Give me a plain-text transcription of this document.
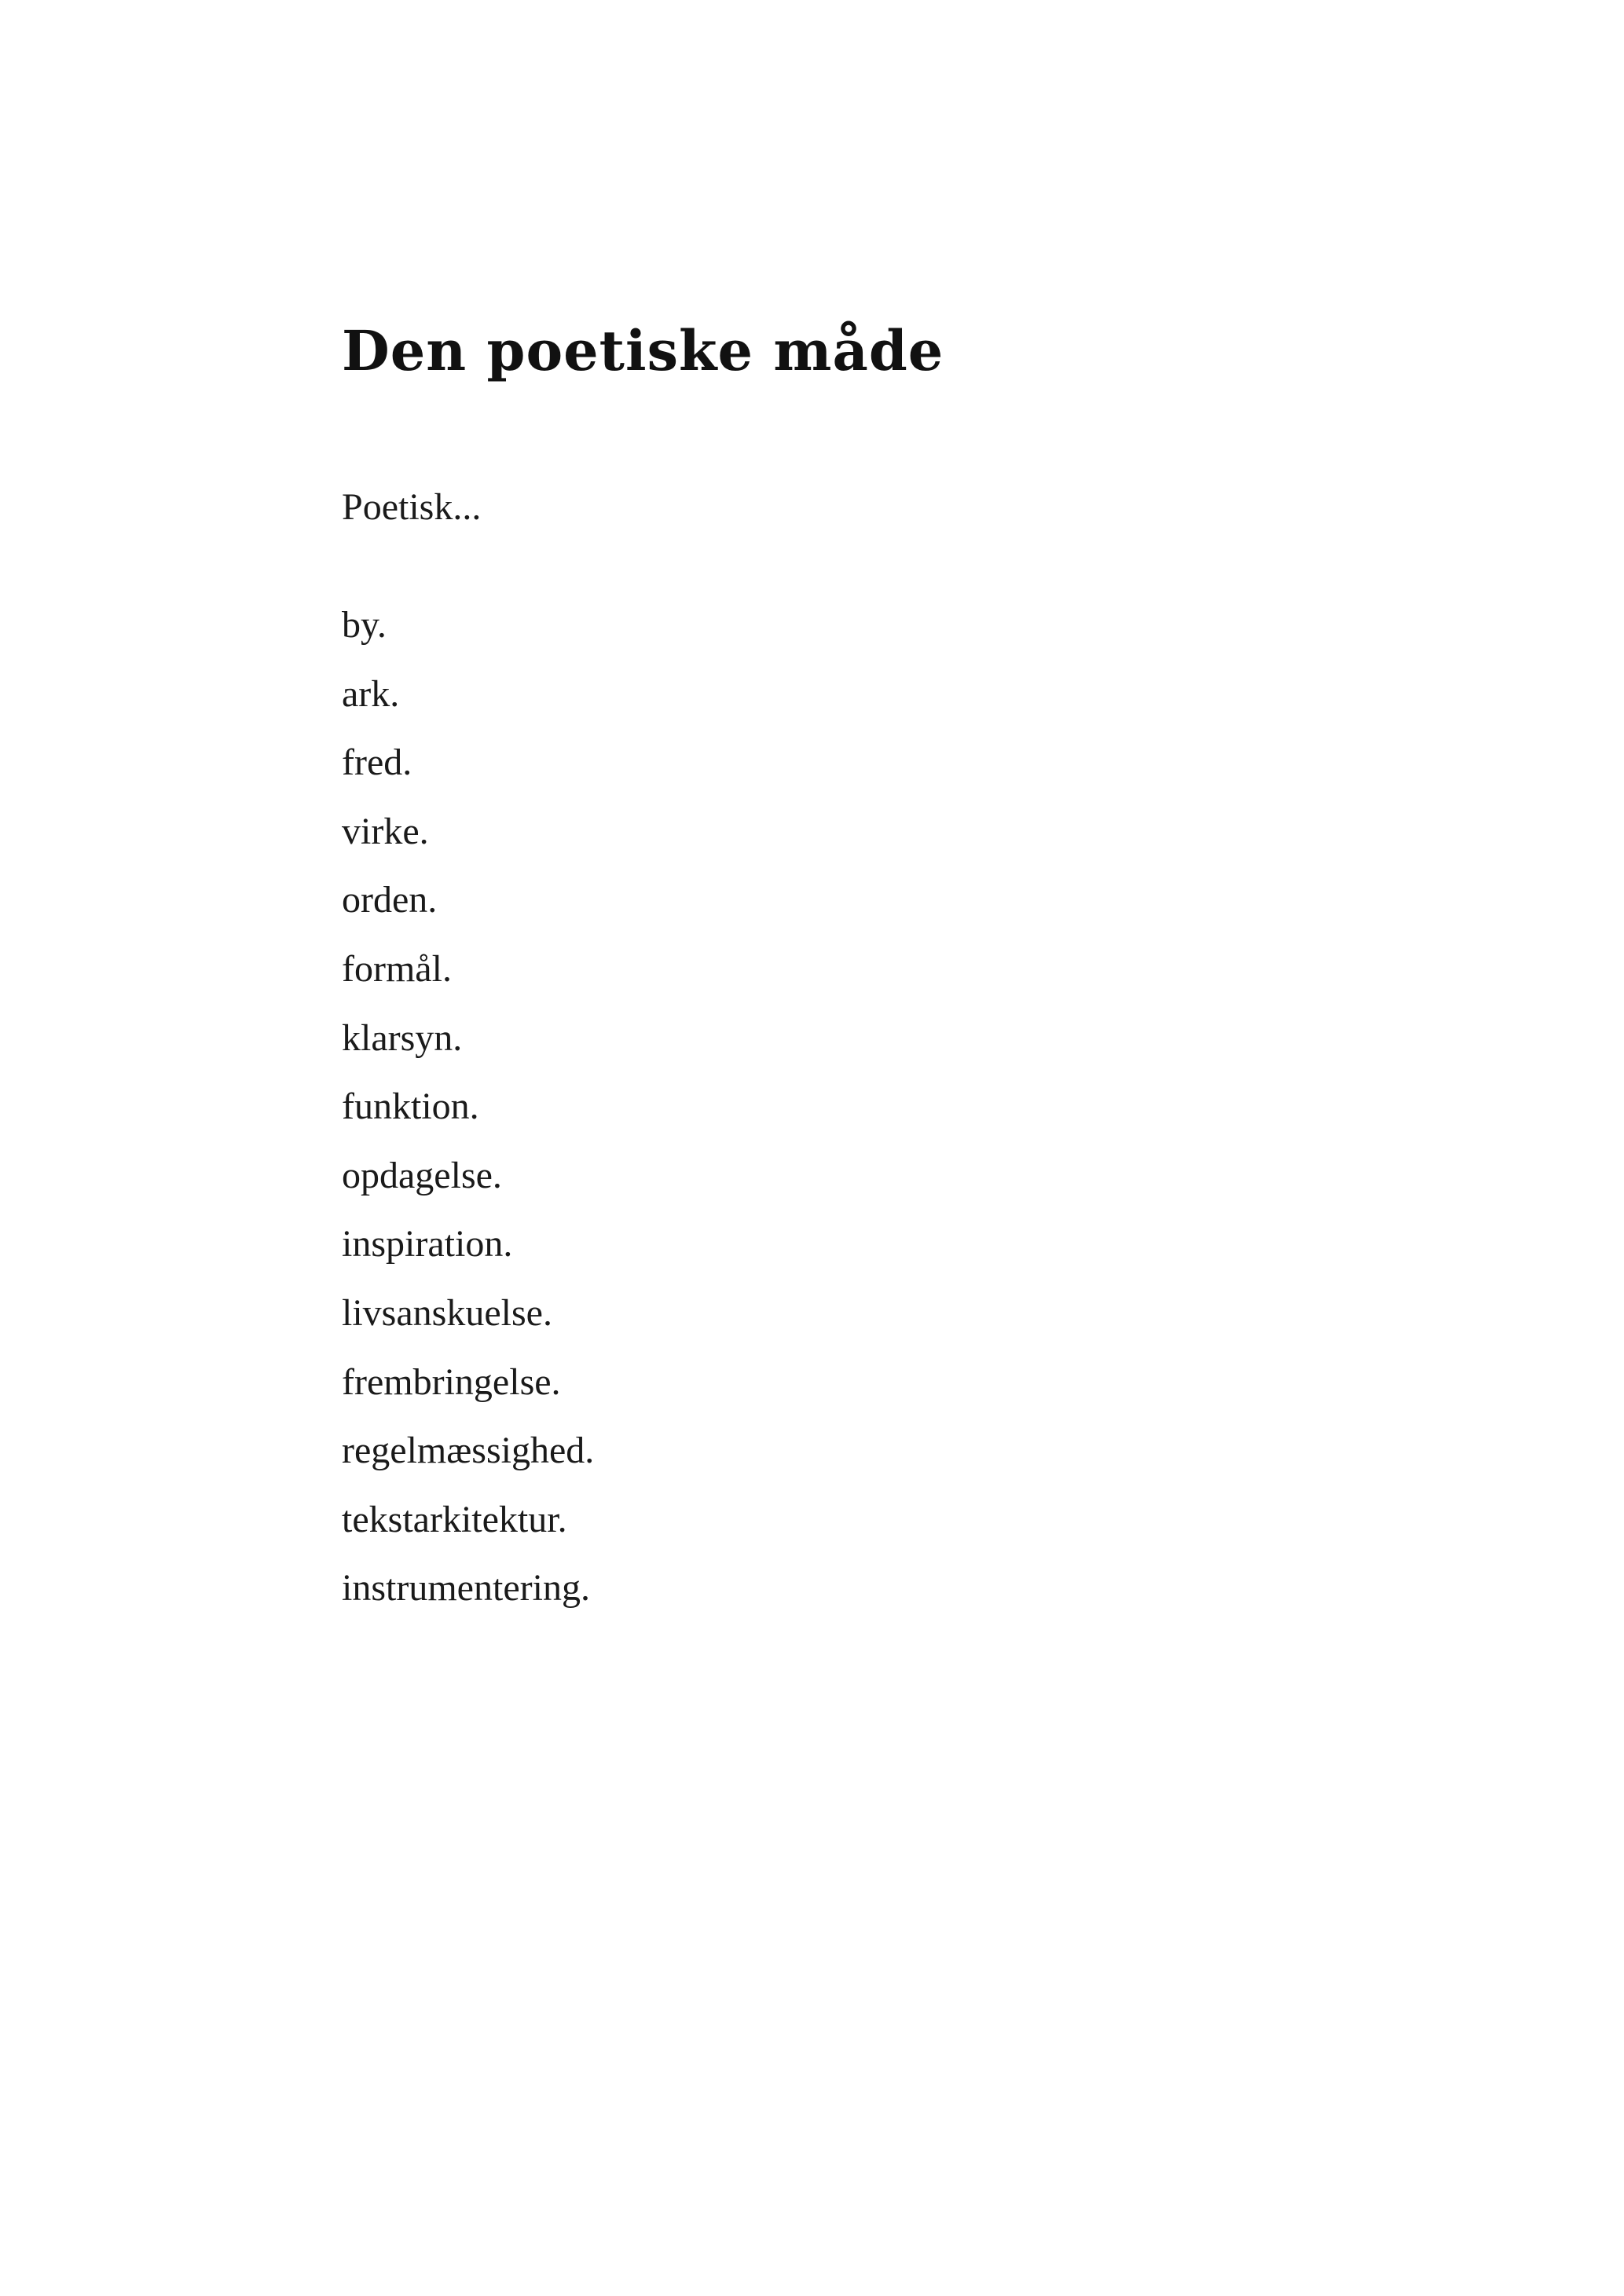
Den poetiske måde

Poetisk...

by.
ark.
fred.
virke.
orden.
formål.
klarsyn.
funktion.
opdagelse.
inspiration.
livsanskuelse.
frembringelse.
regelmæssighed.
tekstarkitektur.
instrumentering.
